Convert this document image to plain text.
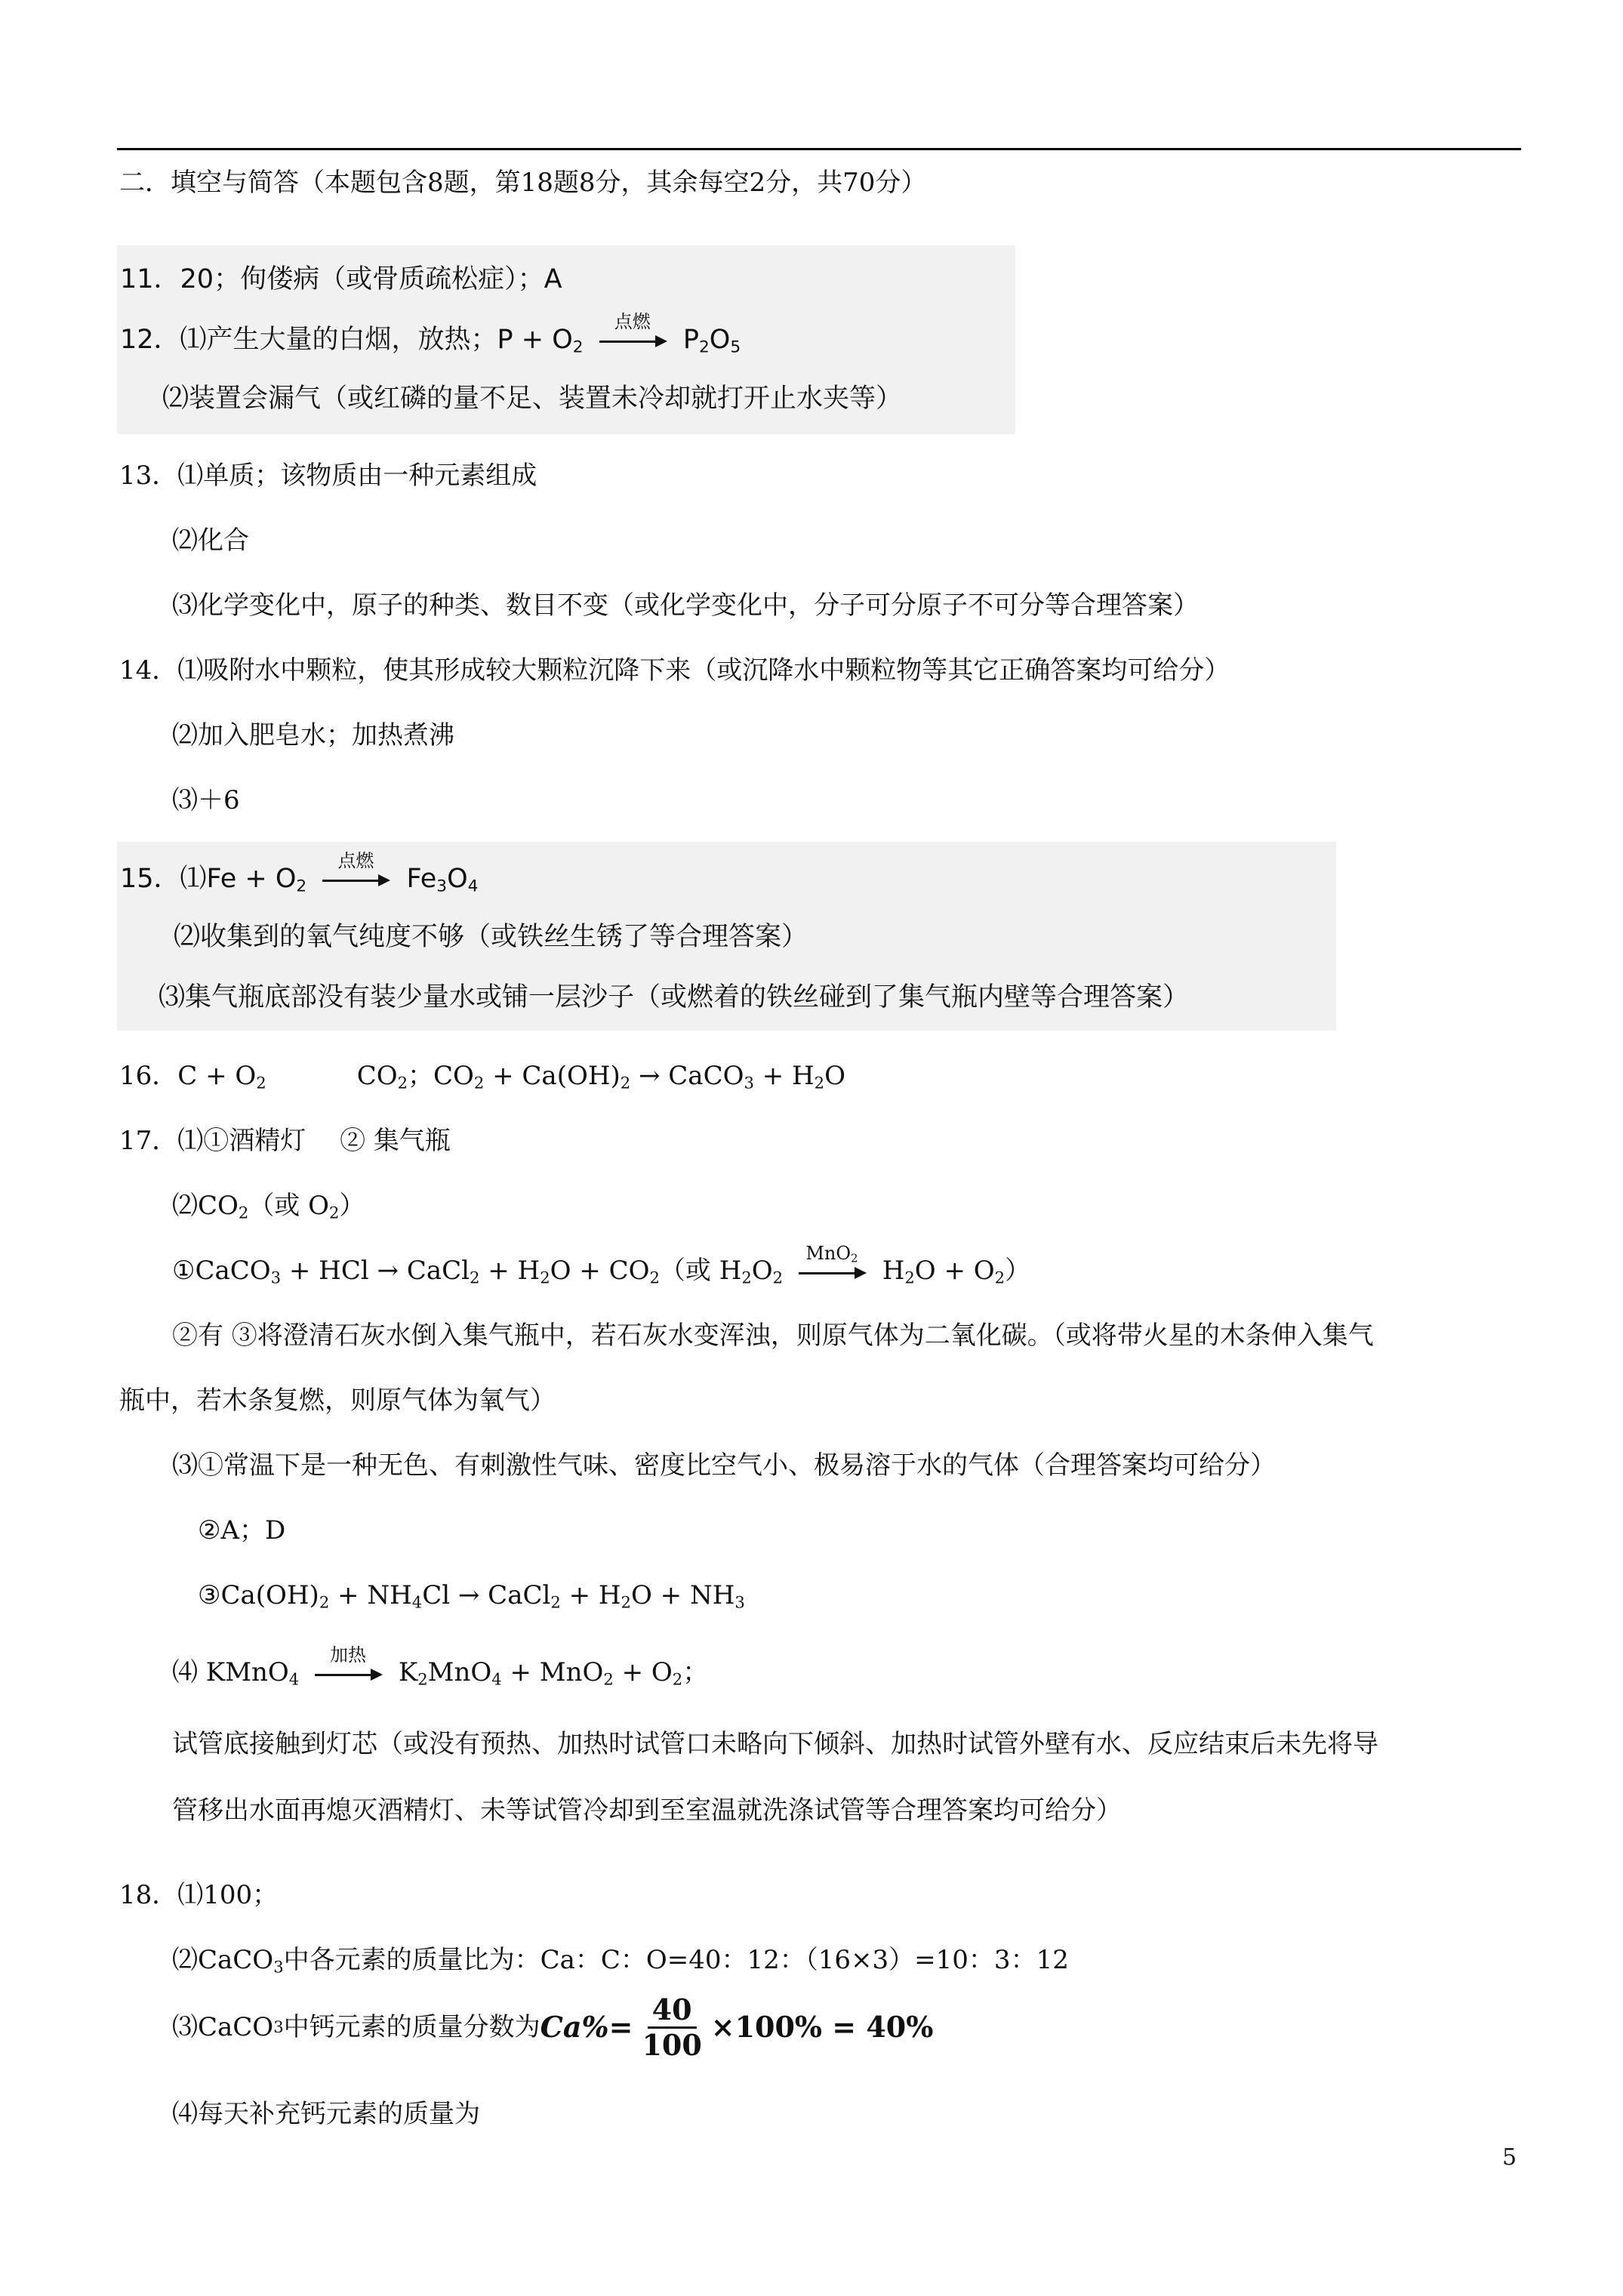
二．填空与简答（本题包含8题，第18题8分，其余每空2分，共70分）
11．20；佝偻病（或骨质疏松症）；A
12．⑴产生大量的白烟，放热；$P + O_2$
点燃
$P_2O_5$
⑵装置会漏气（或红磷的量不足、装置未冷却就打开止水夹等）
13．⑴单质；该物质由一种元素组成
⑵化合
⑶化学变化中，原子的种类、数目不变（或化学变化中，分子可分原子不可分等合理答案）
14．⑴吸附水中颗粒，使其形成较大颗粒沉降下来（或沉降水中颗粒物等其它正确答案均可给分）
⑵加入肥皂水；加热煮沸
⑶＋6
15．⑴Fe + $O_2$
点燃
$Fe_3O_4$
⑵收集到的氧气纯度不够（或铁丝生锈了等合理答案）
⑶集气瓶底部没有装少量水或铺一层沙子（或燃着的铁丝碰到了集气瓶内壁等合理答案）
16．$C + O_2$	$CO_2$；$CO_2 + Ca(OH)_2$ → CaCO$_3$ + $H_2O$
17．⑴①酒精灯　 ② 集气瓶
$⑵CO_2$（或 $O_2$）
①CaCO$_3$ + HCl → CaCl$_2$ + $H_2O + CO_2$（或 $H_2O_2$
MnO$_2$ $H_2O + O_2$）
②有 ③将澄清石灰水倒入集气瓶中，若石灰水变浑浊，则原气体为二氧化碳。（或将带火星的木条伸入集气
瓶中，若木条复燃，则原气体为氧气）
⑶①常温下是一种无色、有刺激性气味、密度比空气小、极易溶于水的气体（合理答案均可给分）
②A；D
$③Ca(OH)_2 + NH_4Cl$ → CaCl$_2$ + $H_2O + NH_3$
⑷ KMnO$_4$
加热
$K_2MnO_4 + MnO_2 + O_2$；
试管底接触到灯芯（或没有预热、加热时试管口未略向下倾斜、加热时试管外壁有水、反应结束后未先将导
管移出水面再熄灭酒精灯、未等试管冷却到至室温就洗涤试管等合理答案均可给分）
18．⑴100；
⑵CaCO$_3$中各元素的质量比为：Ca：C：O=40：12：（16×3）=10：3：12
⑶CaCO 3 中钙元素的质量分数为 $Ca\% = \frac{40}{100} \times 100\% = 40\%$
⑷每天补充钙元素的质量为
5
